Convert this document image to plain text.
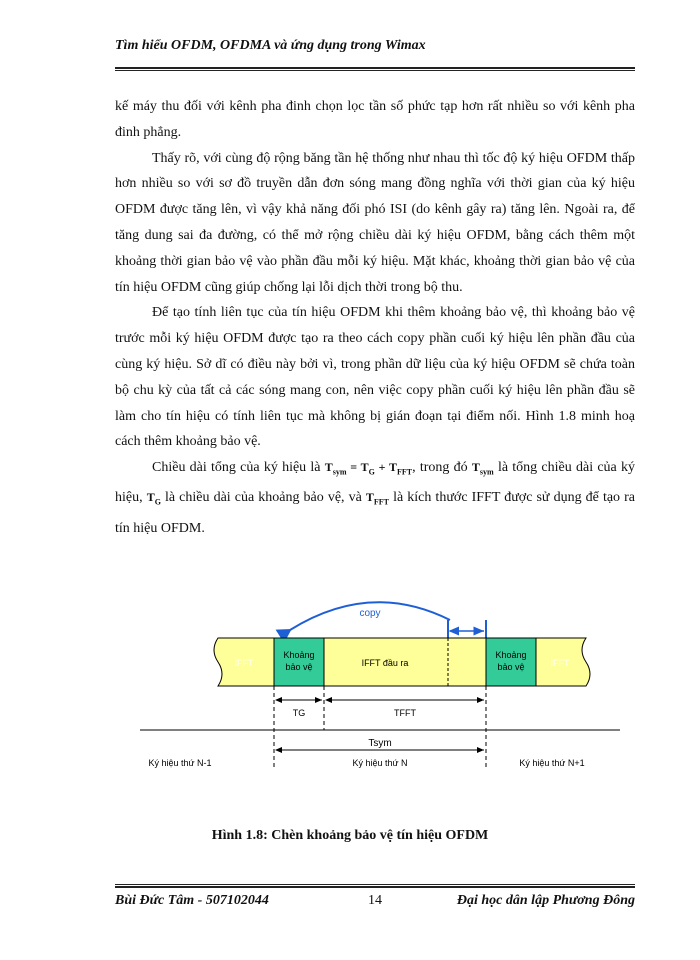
Tìm hiểu OFDM, OFDMA và ứng dụng trong Wimax

kế máy thu đối với kênh pha đinh chọn lọc tần số phức tạp hơn rất nhiều so với kênh pha đinh phẳng.

Thấy rõ, với cùng độ rộng băng tần hệ thống như nhau thì tốc độ ký hiệu OFDM thấp hơn nhiều so với sơ đồ truyền dẫn đơn sóng mang đồng nghĩa với thời gian của ký hiệu OFDM được tăng lên, vì vậy khả năng đối phó ISI (do kênh gây ra) tăng lên. Ngoài ra, để tăng dung sai đa đường, có thể mở rộng chiều dài ký hiệu OFDM, bằng cách thêm một khoảng thời gian bảo vệ vào phần đầu mỗi ký hiệu. Mặt khác, khoảng thời gian bảo vệ của tín hiệu OFDM cũng giúp chống lại lỗi dịch thời trong bộ thu.

Để tạo tính liên tục của tín hiệu OFDM khi thêm khoảng bảo vệ, thì khoảng bảo vệ trước mỗi ký hiệu OFDM được tạo ra theo cách copy phần cuối ký hiệu lên phần đầu của cùng ký hiệu. Sở dĩ có điều này bởi vì, trong phần dữ liệu của ký hiệu OFDM sẽ chứa toàn bộ chu kỳ của tất cả các sóng mang con, nên việc copy phần cuối ký hiệu lên phần đầu sẽ làm cho tín hiệu có tính liên tục mà không bị gián đoạn tại điểm nối. Hình 1.8 minh hoạ cách thêm khoảng bảo vệ.

Chiều dài tổng của ký hiệu là $T_{sym} = T_G + T_{FFT}$, trong đó $T_{sym}$ là tổng chiều dài của ký hiệu, $T_G$ là chiều dài của khoảng bảo vệ, và $T_{FFT}$ là kích thước IFFT được sử dụng để tạo ra tín hiệu OFDM.

copy
IFFT
Khoảng
bảo vệ	IFFT đầu ra
Khoảng
bảo vệ	IFFT
TG	TFFT
Tsym
Ký hiệu thứ N-1	Ký hiệu thứ N	Ký hiệu thứ N+1
Hình 1.8: Chèn khoảng bảo vệ tín hiệu OFDM
Bùi Đức Tâm - 507102044	14	Đại học dân lập Phương Đông
